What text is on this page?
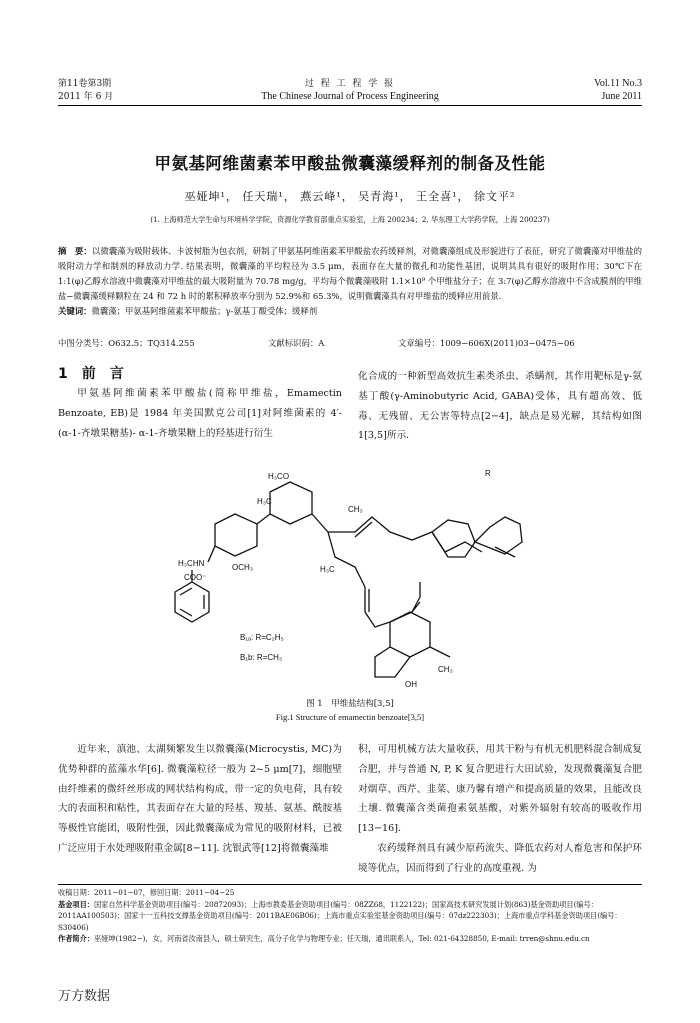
第11卷第3期
2011 年 6 月
过 程 工 程 学 报
The Chinese Journal of Process Engineering
Vol.11 No.3
June 2011
甲氨基阿维菌素苯甲酸盐微囊藻缓释剂的制备及性能
巫娅坤¹， 任天瑞¹， 燕云峰¹， 吴青海¹， 王全喜¹， 徐文平²
(1. 上海师范大学生命与环境科学学院，资源化学教育部重点实验室，上海 200234；2. 华东理工大学药学院，上海 200237)
摘　要：以微囊藻为吸附载体、卡波树脂为包衣剂，研制了甲氨基阿维菌素苯甲酸盐农药缓释剂，对微囊藻组成及形貌进行了表征，研究了微囊藻对甲维盐的吸附动力学和制剂的释放动力学. 结果表明，微囊藻的平均粒径为 3.5 μm，表面存在大量的微孔和功能性基团，说明其具有很好的吸附作用；30℃下在 1:1(φ)乙醇水溶液中微囊藻对甲维盐的最大吸附量为 70.78 mg/g，平均每个微囊藻吸附 1.1×10⁹ 个甲维盐分子；在 3:7(φ)乙醇水溶液中不含成膜剂的甲维盐−微囊藻缓释颗粒在 24 和 72 h 时的累积释放率分别为 52.9%和 65.3%，说明微囊藻具有对甲维盐的缓释应用前景.
关键词：微囊藻；甲氨基阿维菌素苯甲酸盐；γ-氨基丁酸受体；缓释剂
中图分类号：O632.5；TQ314.255	文献标识码：A	文章编号：1009−606X(2011)03−0475−06
1　前　言
甲氨基阿维菌素苯甲酸盐(简称甲维盐，Emamectin Benzoate, EB)是 1984 年美国默克公司[1]对阿维菌素的 4′-(α-1-齐墩果糖基)- α-1-齐墩果糖上的羟基进行衍生
化合成的一种新型高效抗生素类杀虫、杀螨剂，其作用靶标是γ-氨基丁酸(γ-Aminobutyric Acid, GABA)受体，具有超高效、低毒、无残留、无公害等特点[2−4]，缺点是易光解，其结构如图 1[3,5]所示.
H₃CO
H₃C
OCH₃
H₃CHN
COO⁻
CH₃
H₃C
CH₃
OH
R
B₁ₐ: R=C₂H₅
B₁b: R=CH₃
图 1　甲维盐结构[3,5]
Fig.1 Structure of emamectin benzoate[3,5]
近年来，滇池、太湖频繁发生以微囊藻(Microcystis, MC)为优势种群的蓝藻水华[6]. 微囊藻粒径一般为 2~5 μm[7]，细胞壁由纤维素的微纤丝形成的网状结构构成，带一定的负电荷，具有较大的表面积和粘性，其表面存在大量的羟基、羧基、氨基、酰胺基等极性官能团，吸附性强，因此微囊藻成为常见的吸附材料，已被广泛应用于水处理吸附重金属[8−11]. 沈银武等[12]将微囊藻堆
积，可用机械方法大量收获，用其干粉与有机无机肥料混合制成复合肥，并与普通 N, P, K 复合肥进行大田试验，发现微囊藻复合肥对烟草、西芹、韭菜、康乃馨有增产和提高质量的效果，且能改良土壤. 微囊藻含类菌孢素氨基酸，对紫外辐射有较高的吸收作用[13−16].
农药缓释剂具有减少原药流失、降低农药对人畜危害和保护环境等优点，因而得到了行业的高度重视. 为
收稿日期：2011−01−07，修回日期：2011−04−25
基金项目：国家自然科学基金资助项目(编号：20872093)；上海市教委基金资助项目(编号：08ZZ68，1122122)；国家高技术研究发展计划(863)基金资助项目(编号：2011AA100503)；国家十一五科技支撑基金资助项目(编号：2011BAE06B06)；上海市重点实验室基金资助项目(编号：07dz222303)；上海市重点学科基金资助项目(编号：S30406)
作者简介：巫娅坤(1982−)，女，河南省汝南县人，硕士研究生，高分子化学与物理专业；任天瑞，通讯联系人，Tel: 021-64328850, E-mail: trren@shnu.edu.cn
万方数据
